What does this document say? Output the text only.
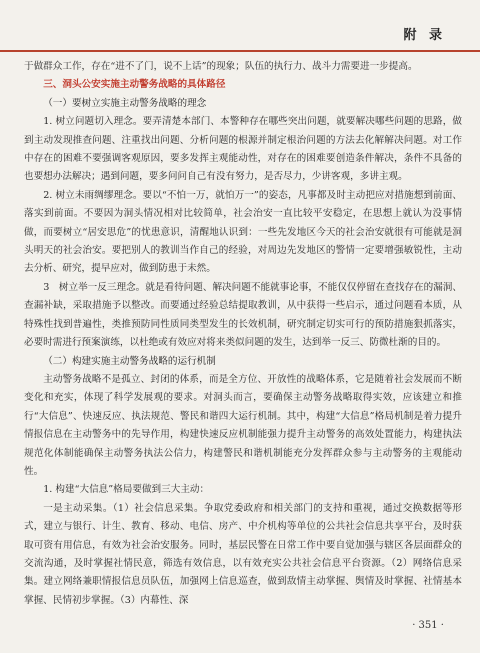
附 录

于做群众工作，存在“进不了门，说不上话”的现象；队伍的执行力、战斗力需要进一步提高。

三、洞头公安实施主动警务战略的具体路径

（一）要树立实施主动警务战略的理念

1. 树立问题切入理念。要弄清楚本部门、本警种存在哪些突出问题，就要解决哪些问题的思路，做到主动发现推查问题、注重找出问题、分析问题的根源并制定根治问题的方法去化解解决问题。对工作中存在的困难不要强调客观原因，要多发挥主观能动性，对存在的困难要创造条件解决，条件不具备的也要想办法解决；遇到问题，要多问问自己有没有努力，是否尽力，少讲客观，多讲主观。

2. 树立未雨绸缪理念。要以“不怕一万，就怕万一”的姿态，凡事都及时主动把应对措施想到前面、落实到前面。不要因为洞头情况相对比较简单，社会治安一直比较平安稳定，在思想上就认为没事情做，而要树立“居安思危”的忧患意识，清醒地认识到：一些先发地区今天的社会治安就很有可能就是洞头明天的社会治安。要把别人的教训当作自己的经验，对周边先发地区的警情一定要增强敏锐性，主动去分析、研究，提早应对，做到防患于未然。

3　树立举一反三理念。就是看待问题、解决问题不能就事论事，不能仅仅停留在查找存在的漏洞、查漏补缺，采取措施予以整改。而要通过经验总结提取教训，从中获得一些启示，通过问题看本质，从特殊性找到普遍性，类推预防同性质同类型发生的长效机制，研究制定切实可行的预防措施狠抓落实，必要时需进行预案演练，以杜绝或有效应对将来类似问题的发生，达到举一反三、防微杜渐的目的。

（二）构建实施主动警务战略的运行机制

主动警务战略不是孤立、封闭的体系，而是全方位、开放性的战略体系，它是随着社会发展而不断变化和充实，体现了科学发展观的要求。对洞头而言，要确保主动警务战略取得实效，应该建立和推行“大信息”、快速反应、执法规范、警民和谐四大运行机制。其中，构建“大信息”格局机制是着力提升情报信息在主动警务中的先导作用，构建快速反应机制能强力提升主动警务的高效处置能力，构建执法规范化体制能确保主动警务执法公信力，构建警民和谐机制能充分发挥群众参与主动警务的主观能动性。

1. 构建“大信息”格局要做到三大主动：

一是主动采集。（1）社会信息采集。争取党委政府和相关部门的支持和重视，通过交换数据等形式，建立与银行、计生、教育、移动、电信、房产、中介机构等单位的公共社会信息共享平台，及时获取可资有用信息，有效为社会治安服务。同时，基层民警在日常工作中要自觉加强与辖区各层面群众的交流沟通，及时掌握社情民意，筛选有效信息，以有效充实公共社会信息平台资源。（2）网络信息采集。建立网络兼职情报信息员队伍，加强网上信息巡查，做到敌情主动掌握、舆情及时掌握、社情基本掌握、民情初步掌握。（3）内幕性、深

· 351 ·
